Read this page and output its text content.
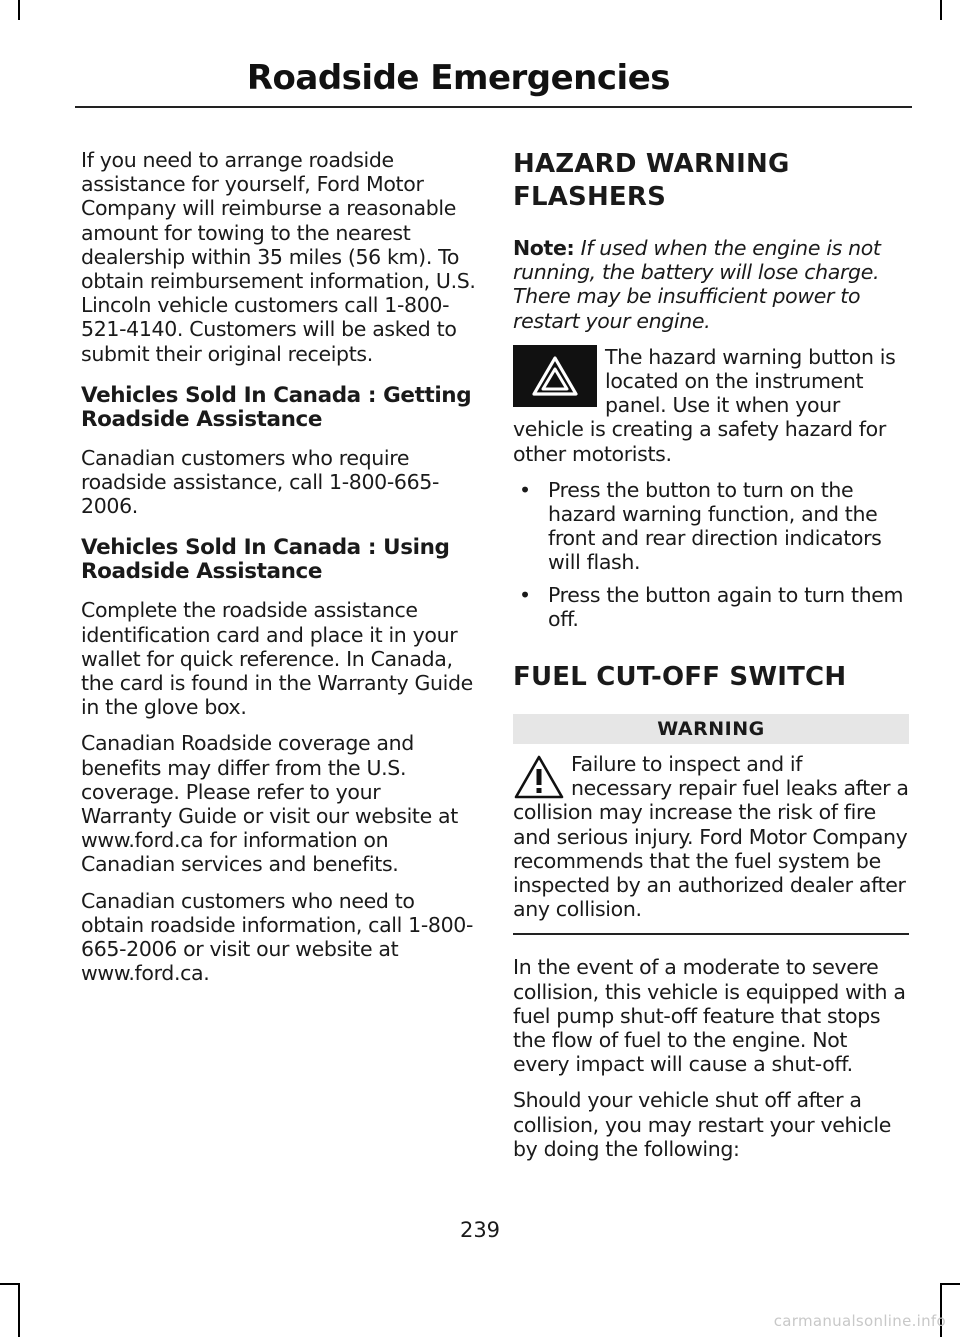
Roadside Emergencies

If you need to arrange roadside assistance for yourself, Ford Motor Company will reimburse a reasonable amount for towing to the nearest dealership within 35 miles (56 km). To obtain reimbursement information, U.S. Lincoln vehicle customers call 1-800-521-4140. Customers will be asked to submit their original receipts.

Vehicles Sold In Canada : Getting Roadside Assistance

Canadian customers who require roadside assistance, call 1-800-665-2006.

Vehicles Sold In Canada : Using Roadside Assistance

Complete the roadside assistance identification card and place it in your wallet for quick reference. In Canada, the card is found in the Warranty Guide in the glove box.

Canadian Roadside coverage and benefits may differ from the U.S. coverage. Please refer to your Warranty Guide or visit our website at www.ford.ca for information on Canadian services and benefits.

Canadian customers who need to obtain roadside information, call 1-800-665-2006 or visit our website at www.ford.ca.

HAZARD WARNING FLASHERS

Note: If used when the engine is not running, the battery will lose charge. There may be insufficient power to restart your engine.

The hazard warning button is located on the instrument panel. Use it when your vehicle is creating a safety hazard for other motorists.

• Press the button to turn on the hazard warning function, and the front and rear direction indicators will flash.
• Press the button again to turn them off.
FUEL CUT-OFF SWITCH
WARNING

Failure to inspect and if necessary repair fuel leaks after a collision may increase the risk of fire and serious injury. Ford Motor Company recommends that the fuel system be inspected by an authorized dealer after any collision.

In the event of a moderate to severe collision, this vehicle is equipped with a fuel pump shut-off feature that stops the flow of fuel to the engine. Not every impact will cause a shut-off.

Should your vehicle shut off after a collision, you may restart your vehicle by doing the following:

239
carmanualsonline.info
